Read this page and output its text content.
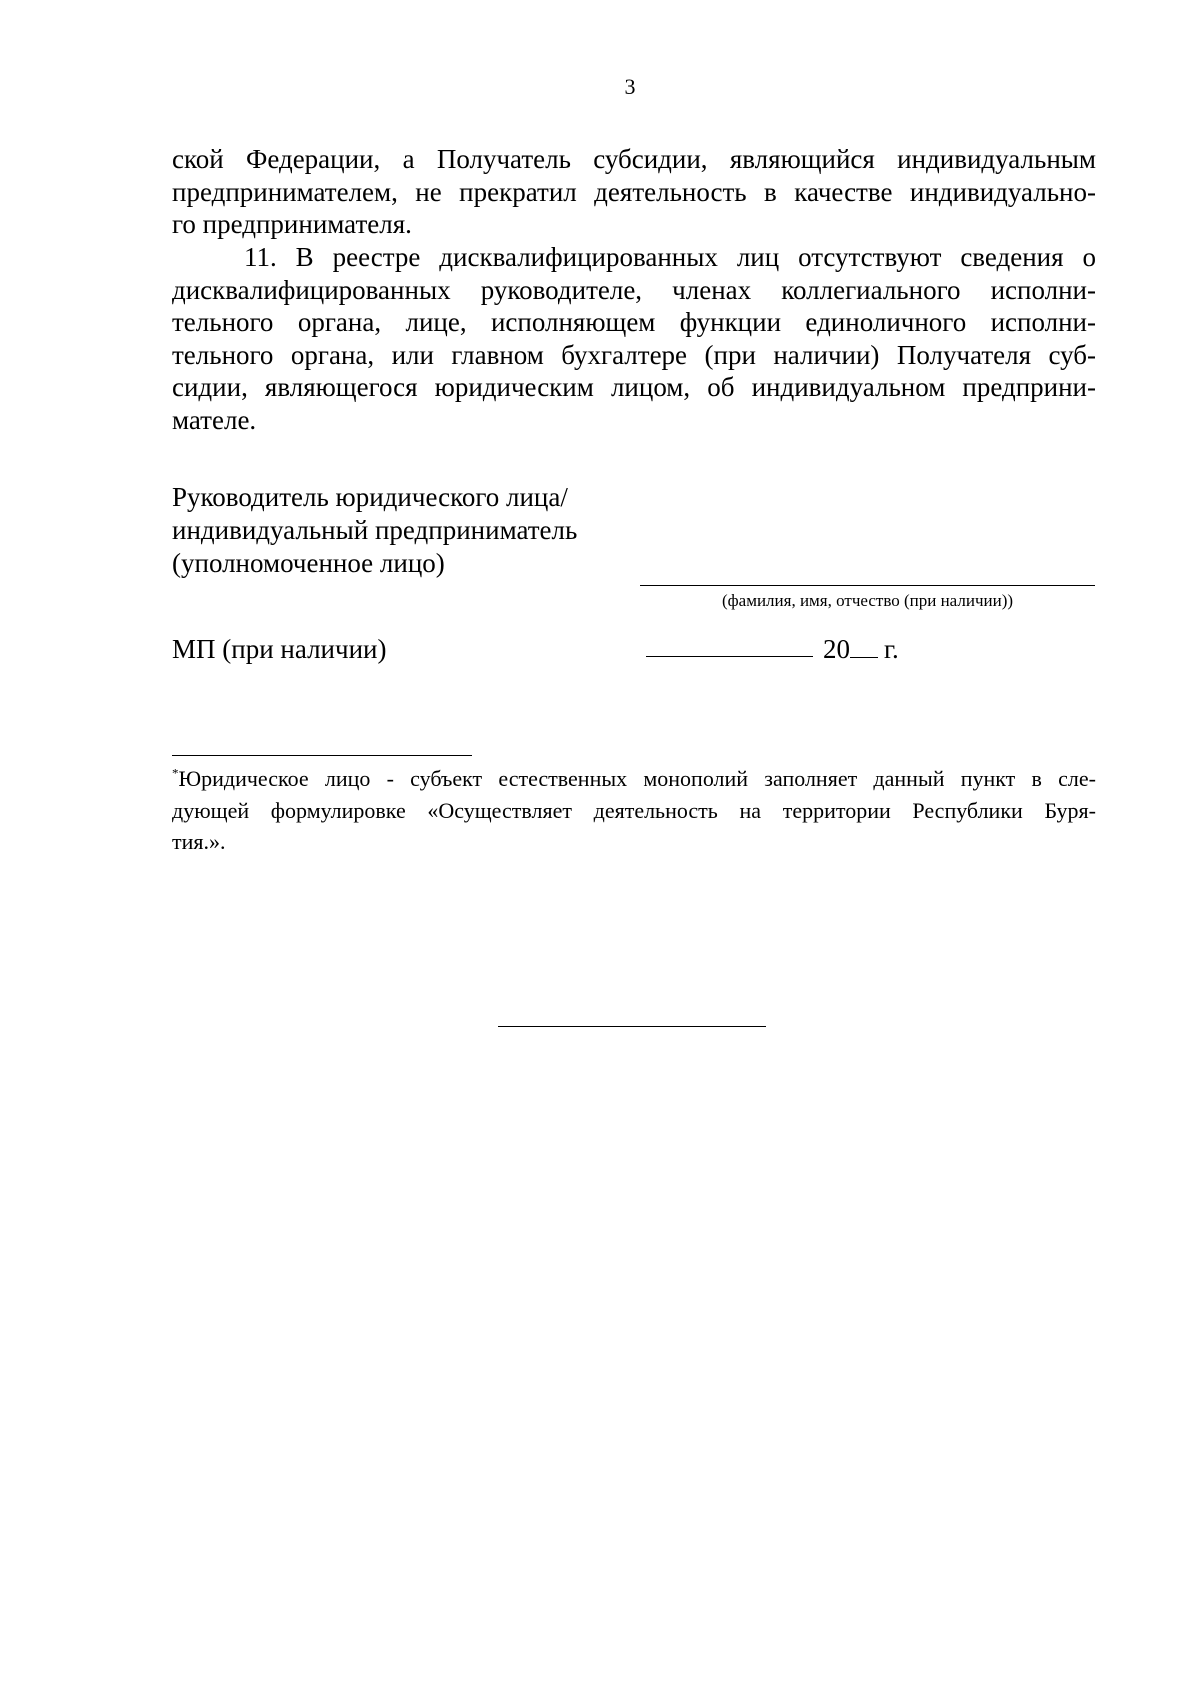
3
ской Федерации, а Получатель субсидии, являющийся индивидуальным
предпринимателем, не прекратил деятельность в качестве индивидуально-
го предпринимателя.
11. В реестре дисквалифицированных лиц отсутствуют сведения о
дисквалифицированных руководителе, членах коллегиального исполни-
тельного органа, лице, исполняющем функции единоличного исполни-
тельного органа, или главном бухгалтере (при наличии) Получателя суб-
сидии, являющегося юридическим лицом, об индивидуальном предприни-
мателе.
Руководитель юридического лица/
индивидуальный предприниматель
(уполномоченное лицо)
(фамилия, имя, отчество (при наличии))
МП (при наличии)	20 г.
*Юридическое лицо - субъект естественных монополий заполняет данный пункт в сле-
дующей формулировке «Осуществляет деятельность на территории Республики Буря-
тия.».
